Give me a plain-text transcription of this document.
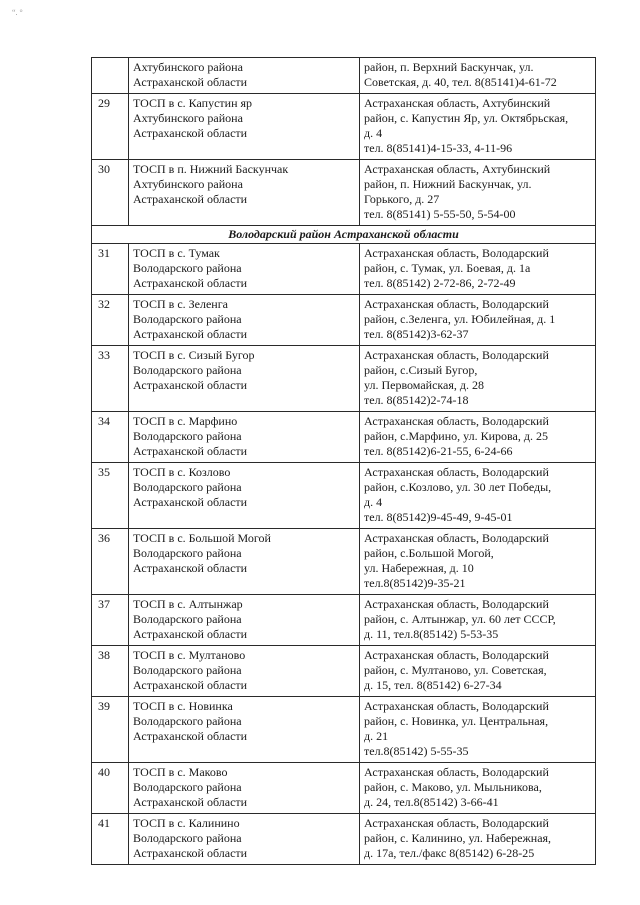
“. °

	Ахтубинского района
Астраханской области	район, п. Верхний Баскунчак, ул.
Советская, д. 40, тел. 8(85141)4-61-72

29	ТОСП в с. Капустин яр
Ахтубинского района
Астраханской области	Астраханская область, Ахтубинский
район, с. Капустин Яр, ул. Октябрьская,
д. 4
тел. 8(85141)4-15-33, 4-11-96

30	ТОСП в п. Нижний Баскунчак
Ахтубинского района
Астраханской области	Астраханская область, Ахтубинский
район, п. Нижний Баскунчак, ул.
Горького, д. 27
тел. 8(85141) 5-55-50, 5-54-00

Володарский район Астраханской области		
31	ТОСП в с. Тумак
Володарского района
Астраханской области	Астраханская область, Володарский
район, с. Тумак, ул. Боевая, д. 1а
тел. 8(85142) 2-72-86, 2-72-49

32	ТОСП в с. Зеленга
Володарского района
Астраханской области	Астраханская область, Володарский
район, с.Зеленга, ул. Юбилейная, д. 1
тел. 8(85142)3-62-37

33	ТОСП в с. Сизый Бугор
Володарского района
Астраханской области	Астраханская область, Володарский
район, с.Сизый Бугор,
ул. Первомайская, д. 28
тел. 8(85142)2-74-18

34	ТОСП в с. Марфино
Володарского района
Астраханской области	Астраханская область, Володарский
район, с.Марфино, ул. Кирова, д. 25
тел. 8(85142)6-21-55, 6-24-66

35	ТОСП в с. Козлово
Володарского района
Астраханской области	Астраханская область, Володарский
район, с.Козлово, ул. 30 лет Победы,
д. 4
тел. 8(85142)9-45-49, 9-45-01

36	ТОСП в с. Большой Могой
Володарского района
Астраханской области	Астраханская область, Володарский
район, с.Большой Могой,
ул. Набережная, д. 10
тел.8(85142)9-35-21

37	ТОСП в с. Алтынжар
Володарского района
Астраханской области	Астраханская область, Володарский
район, с. Алтынжар, ул. 60 лет СССР,
д. 11, тел.8(85142) 5-53-35

38	ТОСП в с. Мултаново
Володарского района
Астраханской области	Астраханская область, Володарский
район, с. Мултаново, ул. Советская,
д. 15, тел. 8(85142) 6-27-34

39	ТОСП в с. Новинка
Володарского района
Астраханской области	Астраханская область, Володарский
район, с. Новинка, ул. Центральная,
д. 21
тел.8(85142) 5-55-35

40	ТОСП в с. Маково
Володарского района
Астраханской области	Астраханская область, Володарский
район, с. Маково, ул. Мыльникова,
д. 24, тел.8(85142) 3-66-41

41	ТОСП в с. Калинино
Володарского района
Астраханской области	Астраханская область, Володарский
район, с. Калинино, ул. Набережная,
д. 17а, тел./факс 8(85142) 6-28-25
